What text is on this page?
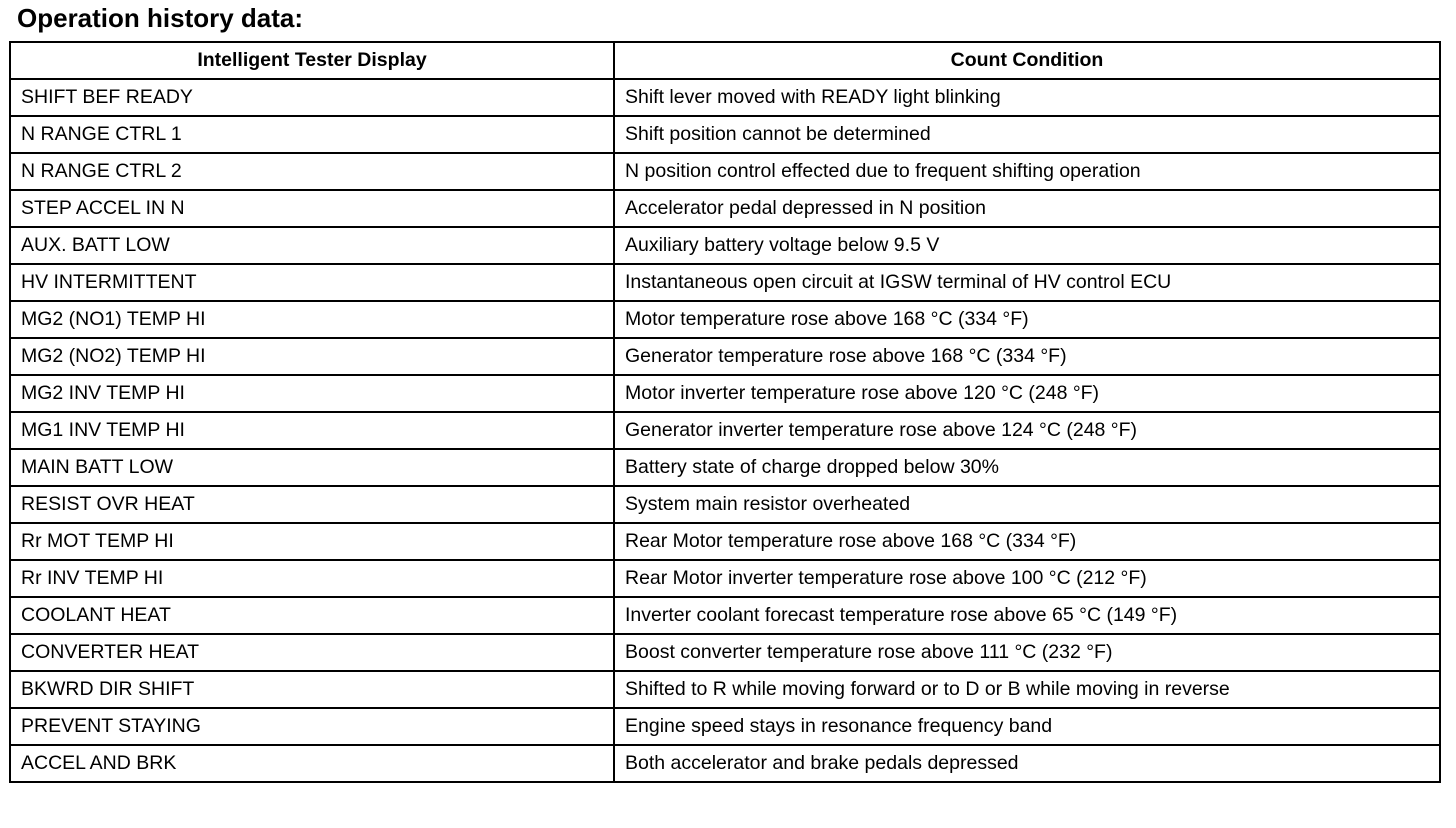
Operation history data:
Intelligent Tester Display	Count Condition
SHIFT BEF READY	Shift lever moved with READY light blinking
N RANGE CTRL 1	Shift position cannot be determined
N RANGE CTRL 2	N position control effected due to frequent shifting operation
STEP ACCEL IN N	Accelerator pedal depressed in N position
AUX. BATT LOW	Auxiliary battery voltage below 9.5 V
HV INTERMITTENT	Instantaneous open circuit at IGSW terminal of HV control ECU
MG2 (NO1) TEMP HI	Motor temperature rose above 168 °C (334 °F)
MG2 (NO2) TEMP HI	Generator temperature rose above 168 °C (334 °F)
MG2 INV TEMP HI	Motor inverter temperature rose above 120 °C (248 °F)
MG1 INV TEMP HI	Generator inverter temperature rose above 124 °C (248 °F)
MAIN BATT LOW	Battery state of charge dropped below 30%
RESIST OVR HEAT	System main resistor overheated
Rr MOT TEMP HI	Rear Motor temperature rose above 168 °C (334 °F)
Rr INV TEMP HI	Rear Motor inverter temperature rose above 100 °C (212 °F)
COOLANT HEAT	Inverter coolant forecast temperature rose above 65 °C (149 °F)
CONVERTER HEAT	Boost converter temperature rose above 111 °C (232 °F)
BKWRD DIR SHIFT	Shifted to R while moving forward or to D or B while moving in reverse
PREVENT STAYING	Engine speed stays in resonance frequency band
ACCEL AND BRK	Both accelerator and brake pedals depressed
